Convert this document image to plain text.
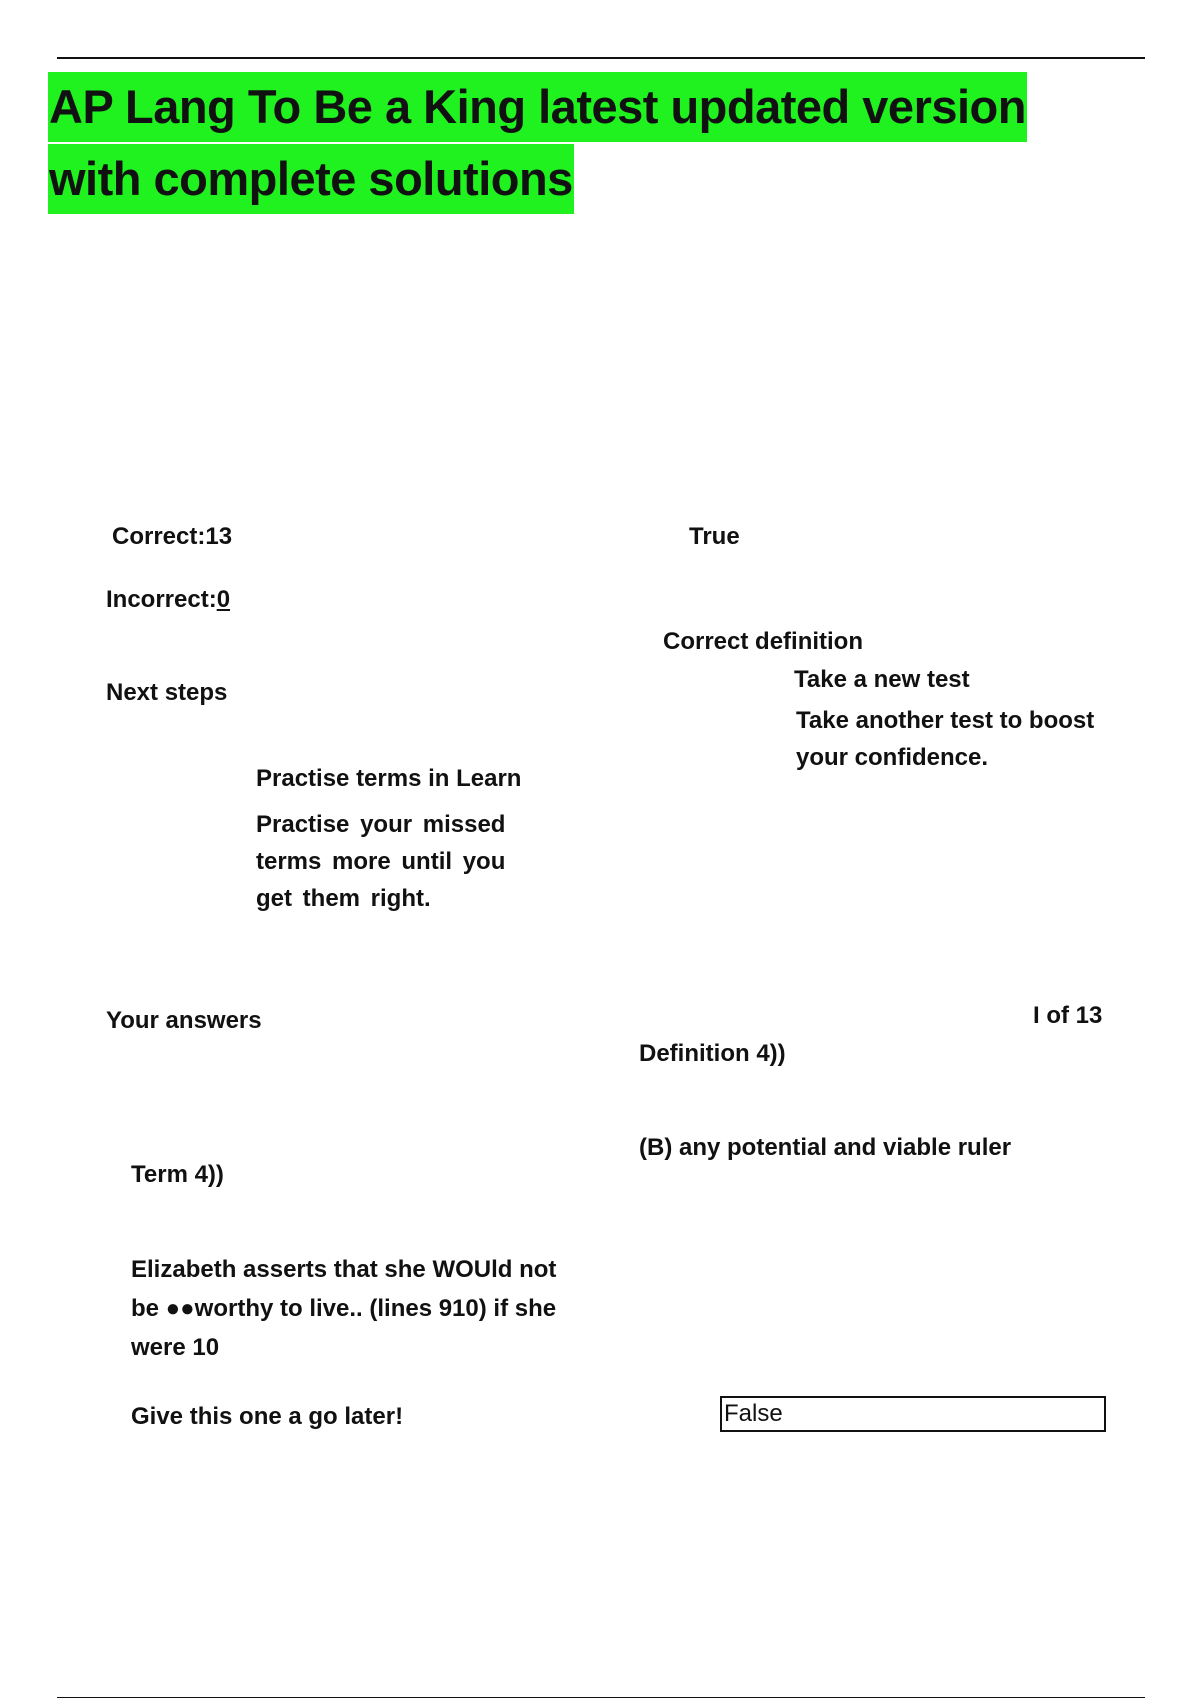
AP Lang To Be a King latest updated version
with complete solutions

Correct:13

Incorrect:0

True

Correct definition

Next steps	Take a new test

Take another test to boost your confidence.

Practise terms in Learn

Practise your missed terms more until you get them right.

Your answers	I of 13

Definition 4))

(B) any potential and viable ruler

Term 4))

Elizabeth asserts that she WOUld not be ●●worthy to live.. (lines 910) if she were 10

Give this one a go later!	False
